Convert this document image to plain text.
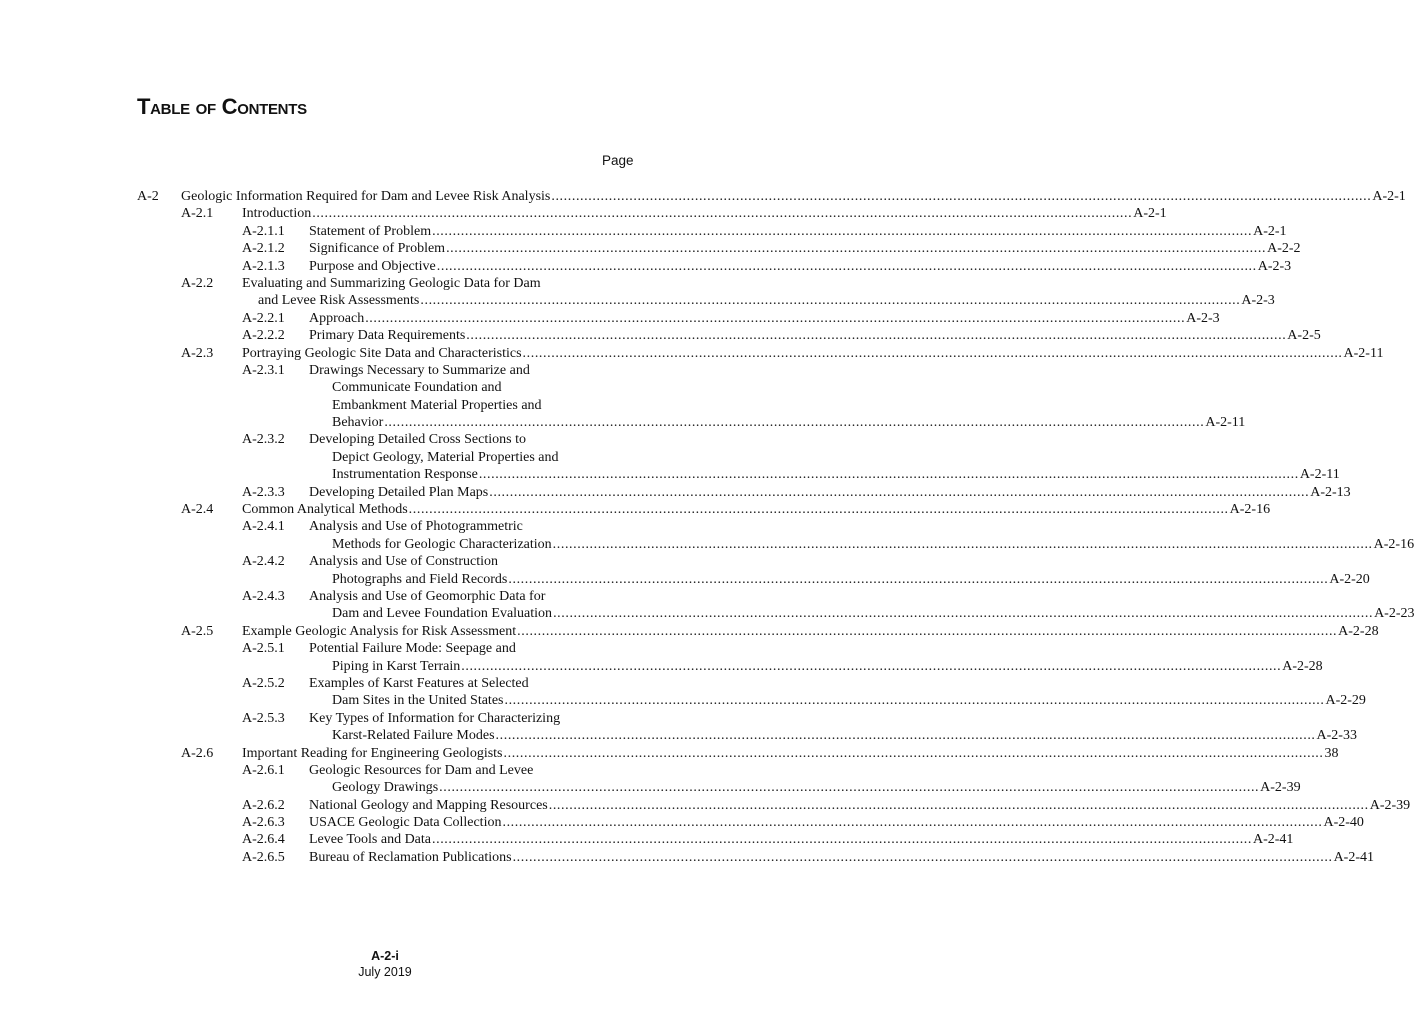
Table of Contents
Page
A-2 Geologic Information Required for Dam and Levee Risk Analysis ........................................................................................................................................................................................................ A-2-1
A-2.1 Introduction ........................................................................................................................................................................................................ A-2-1
A-2.1.1 Statement of Problem ........................................................................................................................................................................................................ A-2-1
A-2.1.2 Significance of Problem ........................................................................................................................................................................................................ A-2-2
A-2.1.3 Purpose and Objective ........................................................................................................................................................................................................ A-2-3
A-2.2 Evaluating and Summarizing Geologic Data for Dam
and Levee Risk Assessments ........................................................................................................................................................................................................ A-2-3
A-2.2.1 Approach ........................................................................................................................................................................................................ A-2-3
A-2.2.2 Primary Data Requirements ........................................................................................................................................................................................................ A-2-5
A-2.3 Portraying Geologic Site Data and Characteristics ........................................................................................................................................................................................................ A-2-11
A-2.3.1 Drawings Necessary to Summarize and
Communicate Foundation and
Embankment Material Properties and
Behavior ........................................................................................................................................................................................................ A-2-11
A-2.3.2 Developing Detailed Cross Sections to
Depict Geology, Material Properties and
Instrumentation Response ........................................................................................................................................................................................................ A-2-11
A-2.3.3 Developing Detailed Plan Maps ........................................................................................................................................................................................................ A-2-13
A-2.4 Common Analytical Methods ........................................................................................................................................................................................................ A-2-16
A-2.4.1 Analysis and Use of Photogrammetric
Methods for Geologic Characterization ........................................................................................................................................................................................................ A-2-16
A-2.4.2 Analysis and Use of Construction
Photographs and Field Records ........................................................................................................................................................................................................ A-2-20
A-2.4.3 Analysis and Use of Geomorphic Data for
Dam and Levee Foundation Evaluation ........................................................................................................................................................................................................ A-2-23
A-2.5 Example Geologic Analysis for Risk Assessment ........................................................................................................................................................................................................ A-2-28
A-2.5.1 Potential Failure Mode: Seepage and
Piping in Karst Terrain ........................................................................................................................................................................................................ A-2-28
A-2.5.2 Examples of Karst Features at Selected
Dam Sites in the United States ........................................................................................................................................................................................................ A-2-29
A-2.5.3 Key Types of Information for Characterizing
Karst-Related Failure Modes ........................................................................................................................................................................................................ A-2-33
A-2.6 Important Reading for Engineering Geologists ........................................................................................................................................................................................................ 38
A-2.6.1 Geologic Resources for Dam and Levee
Geology Drawings ........................................................................................................................................................................................................ A-2-39
A-2.6.2 National Geology and Mapping Resources ........................................................................................................................................................................................................ A-2-39
A-2.6.3 USACE Geologic Data Collection ........................................................................................................................................................................................................ A-2-40
A-2.6.4 Levee Tools and Data ........................................................................................................................................................................................................ A-2-41
A-2.6.5 Bureau of Reclamation Publications ........................................................................................................................................................................................................ A-2-41
A-2-i
July 2019
